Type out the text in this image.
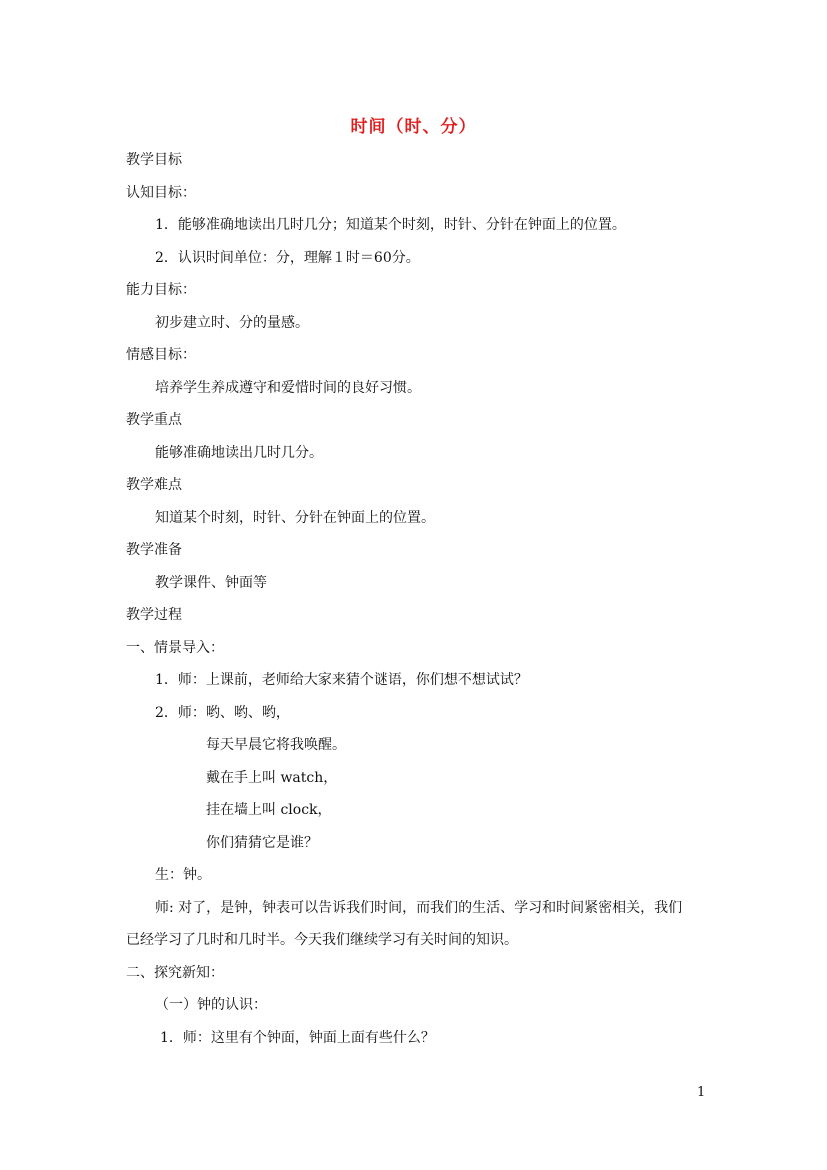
时间（时、分）
教学目标
认知目标：
1．能够准确地读出几时几分；知道某个时刻，时针、分针在钟面上的位置。
2．认识时间单位：分，理解１时＝60分。
能力目标：
初步建立时、分的量感。
情感目标：
培养学生养成遵守和爱惜时间的良好习惯。
教学重点
能够准确地读出几时几分。
教学难点
知道某个时刻，时针、分针在钟面上的位置。
教学准备
教学课件、钟面等
教学过程
一、情景导入：
1．师：上课前，老师给大家来猜个谜语，你们想不想试试？
2．师：哟、哟、哟，
每天早晨它将我唤醒。
戴在手上叫 watch，
挂在墙上叫 clock，
你们猜猜它是谁？
生：钟。
师: 对了，是钟，钟表可以告诉我们时间，而我们的生活、学习和时间紧密相关，我们
已经学习了几时和几时半。今天我们继续学习有关时间的知识。
二、探究新知：
（一）钟的认识：
1．师：这里有个钟面，钟面上面有些什么？
1
